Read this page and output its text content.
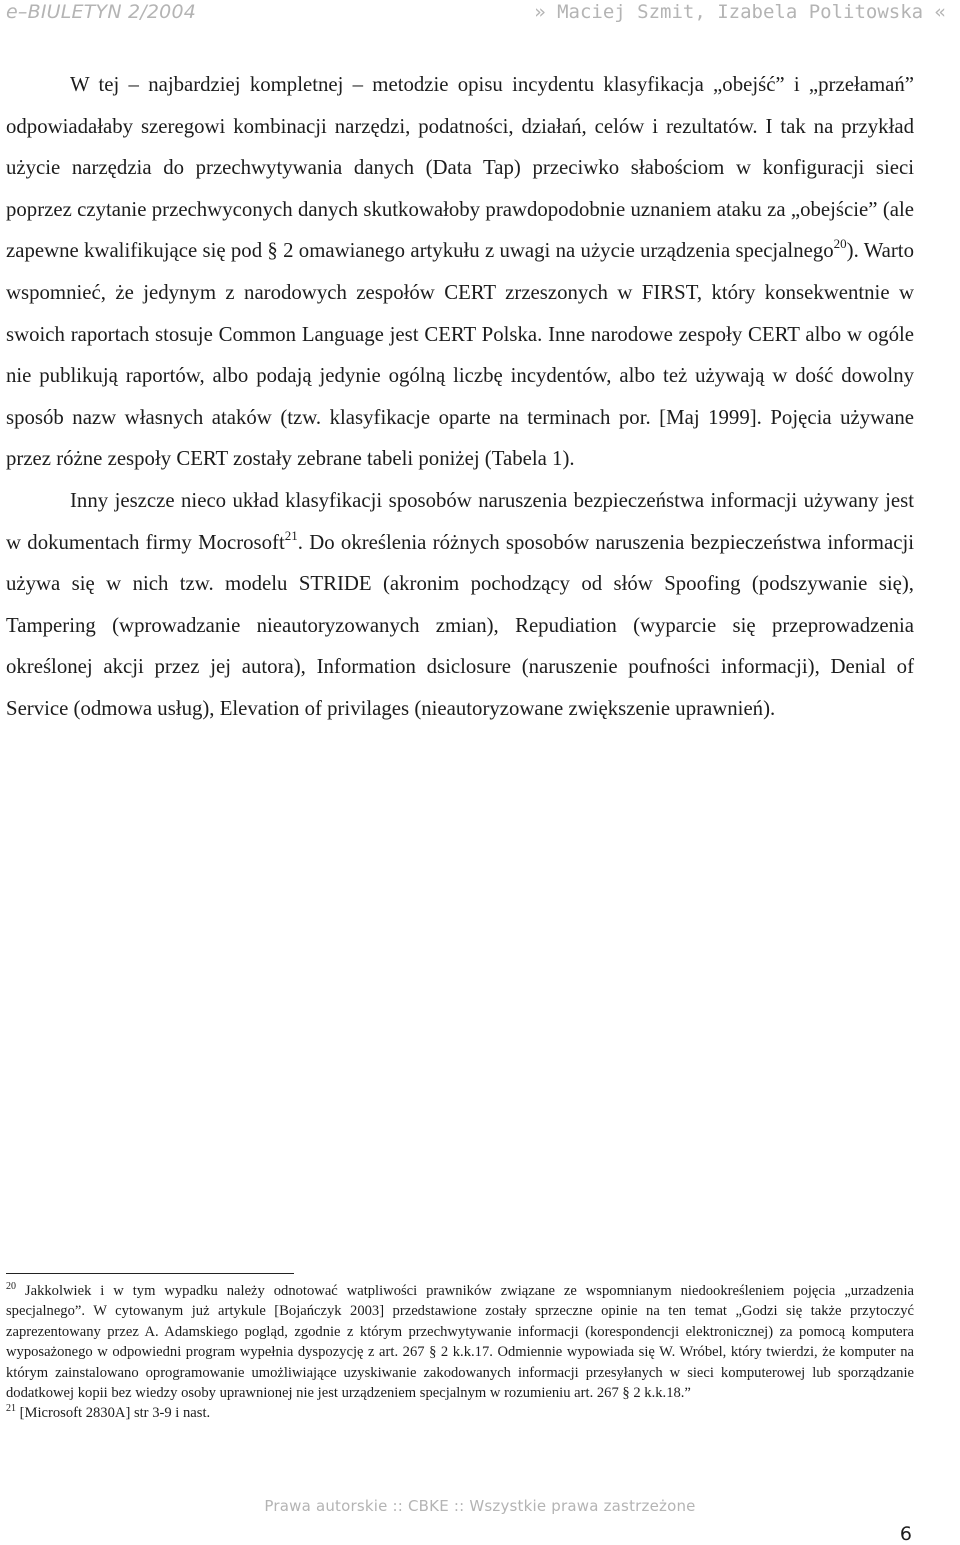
e–BIULETYN 2/2004	» Maciej Szmit, Izabela Politowska «

W tej – najbardziej kompletnej – metodzie opisu incydentu klasyfikacja „obejść” i „przełamań” odpowiadałaby szeregowi kombinacji narzędzi, podatności, działań, celów i rezultatów. I tak na przykład użycie narzędzia do przechwytywania danych (Data Tap) przeciwko słabościom w konfiguracji sieci poprzez czytanie przechwyconych danych skutkowałoby prawdopodobnie uznaniem ataku za „obejście” (ale zapewne kwalifikujące się pod § 2 omawianego artykułu z uwagi na użycie urządzenia specjalnego$^{20}$). Warto wspomnieć, że jedynym z narodowych zespołów CERT zrzeszonych w FIRST, który konsekwentnie w swoich raportach stosuje Common Language jest CERT Polska. Inne narodowe zespoły CERT albo w ogóle nie publikują raportów, albo podają jedynie ogólną liczbę incydentów, albo też używają w dość dowolny sposób nazw własnych ataków (tzw. klasyfikacje oparte na terminach por. [Maj 1999]. Pojęcia używane przez różne zespoły CERT zostały zebrane tabeli poniżej (Tabela 1).

Inny jeszcze nieco układ klasyfikacji sposobów naruszenia bezpieczeństwa informacji używany jest w dokumentach firmy Mocrosoft$^{21}$. Do określenia różnych sposobów naruszenia bezpieczeństwa informacji używa się w nich tzw. modelu STRIDE (akronim pochodzący od słów Spoofing (podszywanie się), Tampering (wprowadzanie nieautoryzowanych zmian), Repudiation (wyparcie się przeprowadzenia określonej akcji przez jej autora), Information dsiclosure (naruszenie poufności informacji), Denial of Service (odmowa usług), Elevation of privilages (nieautoryzowane zwiększenie uprawnień).

$^{20}$ Jakkolwiek i w tym wypadku należy odnotować watpliwości prawników związane ze wspomnianym niedookreśleniem pojęcia „urzadzenia specjalnego”. W cytowanym już artykule [Bojańczyk 2003] przedstawione zostały sprzeczne opinie na ten temat „Godzi się także przytoczyć zaprezentowany przez A. Adamskiego pogląd, zgodnie z którym przechwytywanie informacji (korespondencji elektronicznej) za pomocą komputera wyposażonego w odpowiedni program wypełnia dyspozycję z art. 267 § 2 k.k.17. Odmiennie wypowiada się W. Wróbel, który twierdzi, że komputer na którym zainstalowano oprogramowanie umożliwiające uzyskiwanie zakodowanych informacji przesyłanych w sieci komputerowej lub sporządzanie dodatkowej kopii bez wiedzy osoby uprawnionej nie jest urządzeniem specjalnym w rozumieniu art. 267 § 2 k.k.18.”

$^{21}$ [Microsoft 2830A] str 3-9 i nast.

Prawa autorskie :: CBKE :: Wszystkie prawa zastrzeżone
6
